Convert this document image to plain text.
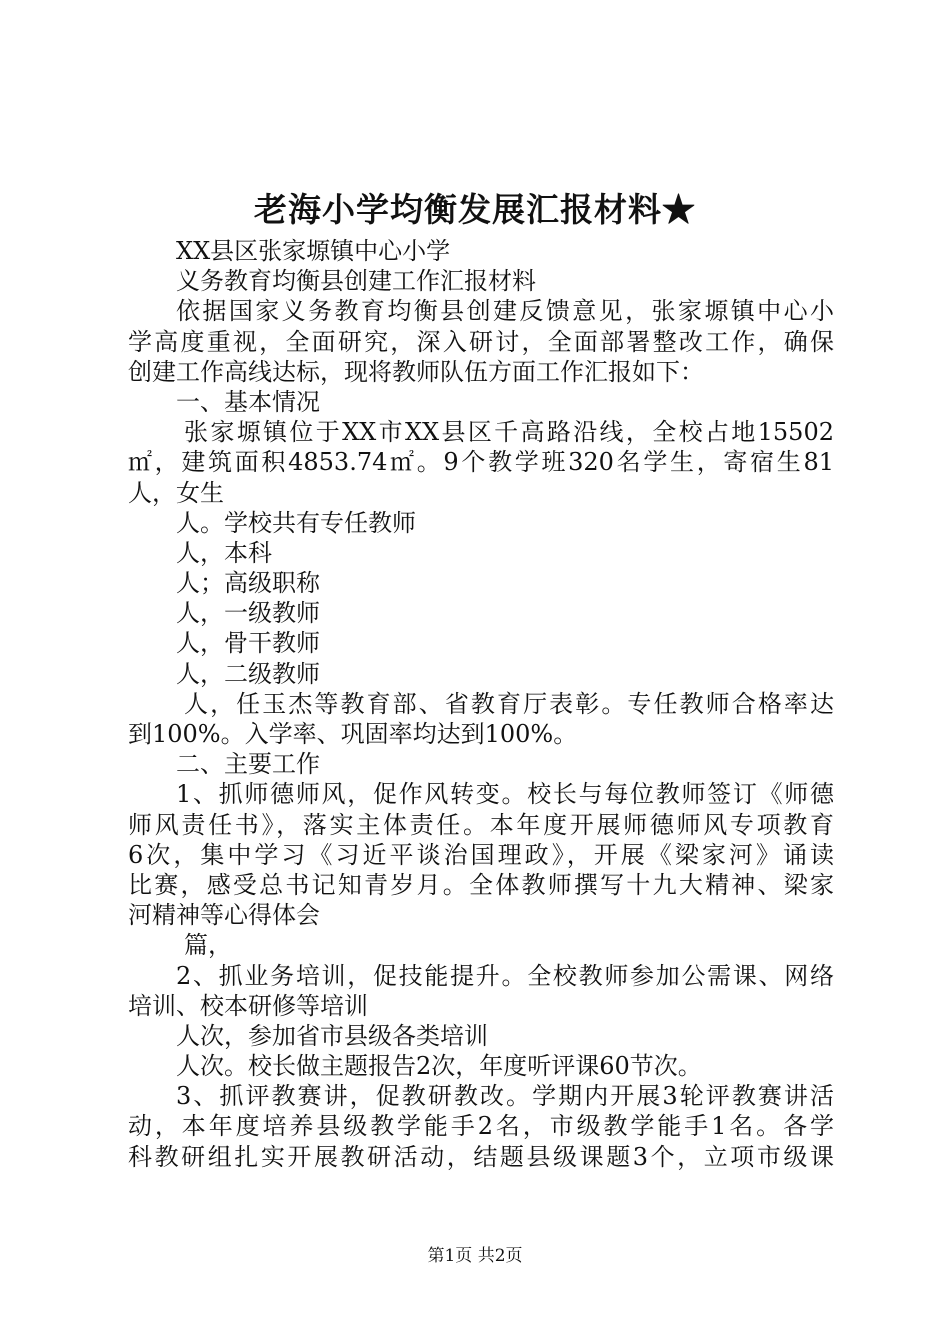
老海小学均衡发展汇报材料★
XX县区张家塬镇中心小学
义务教育均衡县创建工作汇报材料
依据国家义务教育均衡县创建反馈意见，张家塬镇中心小
学高度重视，全面研究，深入研讨，全面部署整改工作，确保
创建工作高线达标，现将教师队伍方面工作汇报如下：
一、基本情况
张家塬镇位于XX市XX县区千高路沿线，全校占地15502
㎡，建筑面积4853.74㎡。9个教学班320名学生，寄宿生81
人，女生
人。学校共有专任教师
人，本科
人；高级职称
人，一级教师
人，骨干教师
人，二级教师
人，任玉杰等教育部、省教育厅表彰。专任教师合格率达
到100%。入学率、巩固率均达到100%。
二、主要工作
1、抓师德师风，促作风转变。校长与每位教师签订《师德
师风责任书》，落实主体责任。本年度开展师德师风专项教育
6次，集中学习《习近平谈治国理政》，开展《梁家河》诵读
比赛，感受总书记知青岁月。全体教师撰写十九大精神、梁家
河精神等心得体会
篇，
2、抓业务培训，促技能提升。全校教师参加公需课、网络
培训、校本研修等培训
人次，参加省市县级各类培训
人次。校长做主题报告2次，年度听评课60节次。
3、抓评教赛讲，促教研教改。学期内开展3轮评教赛讲活
动，本年度培养县级教学能手2名，市级教学能手1名。各学
科教研组扎实开展教研活动，结题县级课题3个，立项市级课
第1页 共2页
